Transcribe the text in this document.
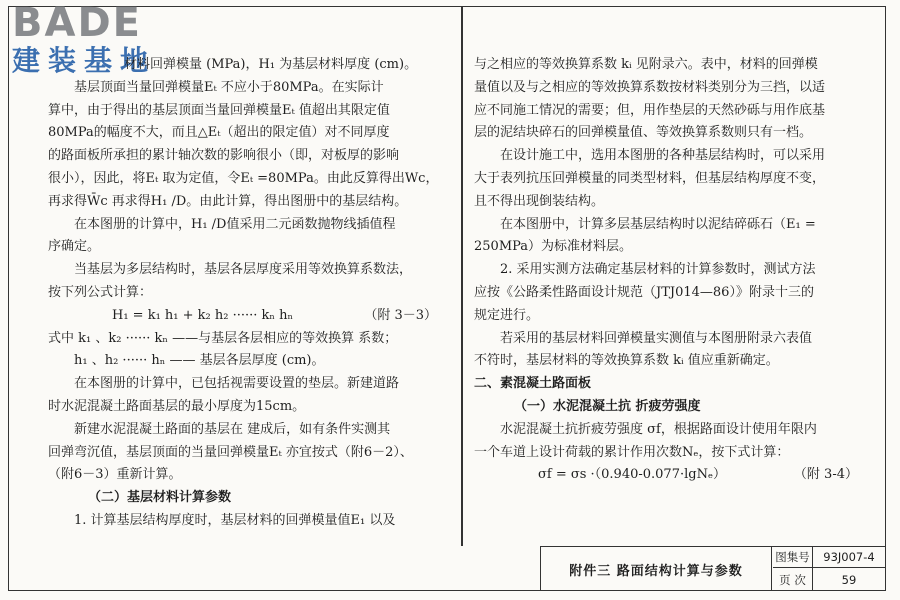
BADE
建装基地

材料回弹模量 (MPa)，H₁ 为基层材料厚度 (cm)。

基层顶面当量回弹模量Eₜ 不应小于80MPa。在实际计

算中，由于得出的基层顶面当量回弹模量Eₜ 值超出其限定值

80MPa的幅度不大，而且△Eₜ（超出的限定值）对不同厚度

的路面板所承担的累计轴次数的影响很小（即，对板厚的影响

很小），因此，将Eₜ 取为定值，令Eₜ =80MPa。由此反算得出Wc，

再求得W̄c 再求得H₁ /D。由此计算，得出图册中的基层结构。

在本图册的计算中，H₁ /D值采用二元函数抛物线插值程

序确定。

当基层为多层结构时，基层各层厚度采用等效换算系数法，

按下列公式计算：

H₁ = k₁ h₁ + k₂ h₂ ······ kₙ hₙ	（附 3－3）

式中 k₁ 、k₂ ······ kₙ ——与基层各层相应的等效换算 系数；

h₁ 、h₂ ······ hₙ —— 基层各层厚度 (cm)。

在本图册的计算中，已包括视需要设置的垫层。新建道路

时水泥混凝土路面基层的最小厚度为15cm。

新建水泥混凝土路面的基层在 建成后，如有条件实测其

回弹弯沉值，基层顶面的当量回弹模量Eₜ 亦宜按式（附6－2）、

（附6－3）重新计算。

（二）基层材料计算参数

1. 计算基层结构厚度时，基层材料的回弹模量值E₁ 以及

与之相应的等效换算系数 kᵢ 见附录六。表中，材料的回弹模

量值以及与之相应的等效换算系数按材料类别分为三挡，以适

应不同施工情况的需要；但，用作垫层的天然砂砾与用作底基

层的泥结块碎石的回弹模量值、等效换算系数则只有一档。

在设计施工中，选用本图册的各种基层结构时，可以采用

大于表列抗压回弹模量的同类型材料，但基层结构厚度不变，

且不得出现倒装结构。

在本图册中，计算多层基层结构时以泥结碎砾石（E₁ =

250MPa）为标准材料层。

2. 采用实测方法确定基层材料的计算参数时，测试方法

应按《公路柔性路面设计规范（JTJ014—86）》附录十三的

规定进行。

若采用的基层材料回弹模量实测值与本图册附录六表值

不符时，基层材料的等效换算系数 kᵢ 值应重新确定。

二、素混凝土路面板

（一）水泥混凝土抗 折疲劳强度

水泥混凝土抗折疲劳强度 σf，根据路面设计使用年限内

一个车道上设计荷载的累计作用次数Nₑ，按下式计算：

σf = σs ·（0.940-0.077·lgNₑ）	（附 3-4）

附件三 路面结构计算与参数
图集号	93J007-4
页 次	59
